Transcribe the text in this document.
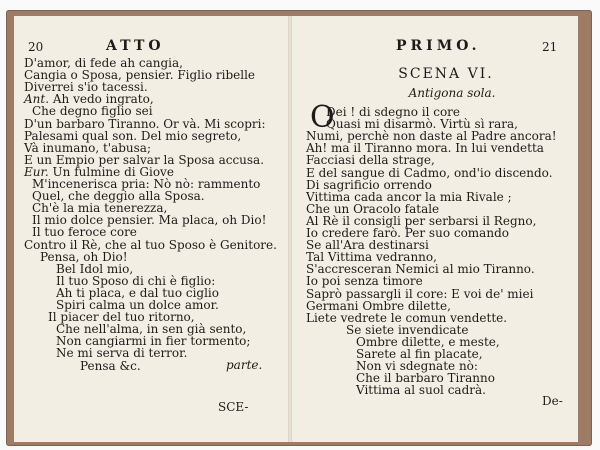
20	ATTO
D'amor, di fede ah cangia,
Cangia o Sposa, pensier. Figlio ribelle
Diverrei s'io tacessi.
Ant. Ah vedo ingrato,
Che degno figlio sei
D'un barbaro Tiranno. Or và. Mi scopri:
Palesami qual son. Del mio segreto,
Và inumano, t'abusa;
E un Empio per salvar la Sposa accusa.
Eur. Un fulmine di Giove
M'incenerisca pria: Nò nò: rammento
Quel, che deggio alla Sposa.
Ch'è la mia tenerezza,
Il mio dolce pensier. Ma placa, oh Dio!
Il tuo feroce core
Contro il Rè, che al tuo Sposo è Genitore.
Pensa, oh Dio!
Bel Idol mio,
Il tuo Sposo di chi è figlio:
Ah ti placa, e dal tuo ciglio
Spiri calma un dolce amor.
Il piacer del tuo ritorno,
Che nell'alma, in sen già sento,
Non cangiarmi in fier tormento;
Ne mi serva di terror.
Pensa &c.	parte.
SCE-
PRIMO.	21
SCENA VI.
Antigona sola.
O
Dei ! di sdegno il core
Quasi mi disarmò. Virtù sì rara,
Numi, perchè non daste al Padre ancora!
Ah! ma il Tiranno mora. In lui vendetta
Facciasi della strage,
E del sangue di Cadmo, ond'io discendo.
Di sagrificio orrendo
Vittima cada ancor la mia Rivale ;
Che un Oracolo fatale
Al Rè il consigli per serbarsi il Regno,
Io credere farò. Per suo comando
Se all'Ara destinarsi
Tal Vittima vedranno,
S'accresceran Nemici al mio Tiranno.
Io poi senza timore
Saprò passargli il core: E voi de' miei
Germani Ombre dilette,
Liete vedrete le comun vendette.
Se siete invendicate
Ombre dilette, e meste,
Sarete al fin placate,
Non vi sdegnate nò:
Che il barbaro Tiranno
Vittima al suol cadrà.
De-
